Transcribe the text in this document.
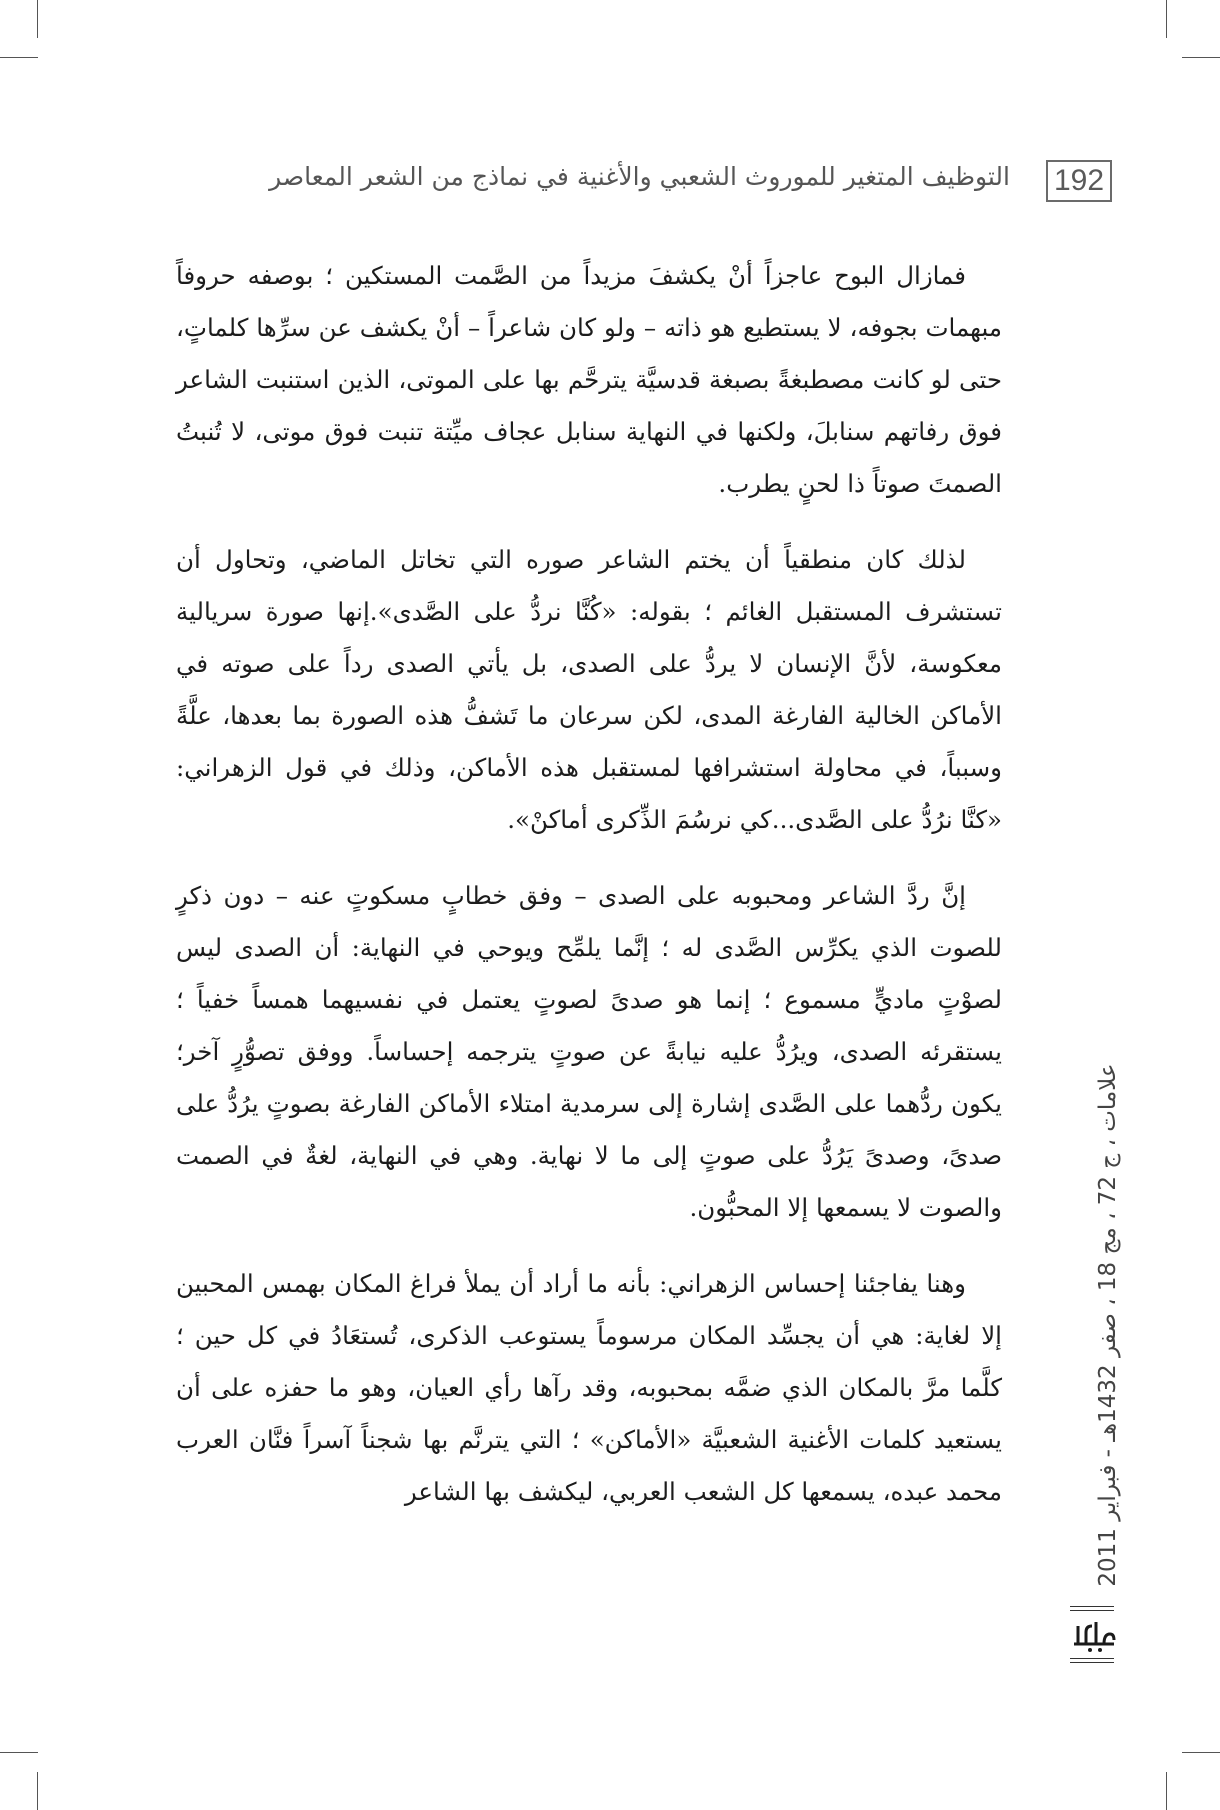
192
التوظيف المتغير للموروث الشعبي والأغنية في نماذج من الشعر المعاصر

فمازال البوح عاجزاً أنْ يكشفَ مزيداً من الصَّمت المستكين ؛ بوصفه حروفاً مبهمات بجوفه، لا يستطيع هو ذاته – ولو كان شاعراً – أنْ يكشف عن سرِّها كلماتٍ، حتى لو كانت مصطبغةً بصبغة قدسيَّة يترحَّم بها على الموتى، الذين استنبت الشاعر فوق رفاتهم سنابلَ، ولكنها في النهاية سنابل عجاف ميِّتة تنبت فوق موتى، لا تُنبتُ الصمتَ صوتاً ذا لحنٍ يطرب.

لذلك كان منطقياً أن يختم الشاعر صوره التي تخاتل الماضي، وتحاول أن تستشرف المستقبل الغائم ؛ بقوله: «كُنَّا نردُّ على الصَّدى».إنها صورة سريالية معكوسة، لأنَّ الإنسان لا يردُّ على الصدى، بل يأتي الصدى رداً على صوته في الأماكن الخالية الفارغة المدى، لكن سرعان ما تَشفُّ هذه الصورة بما بعدها، علَّةً وسبباً، في محاولة استشرافها لمستقبل هذه الأماكن، وذلك في قول الزهراني: «كنَّا نرُدُّ على الصَّدى...كي نرسُمَ الذِّكرى أماكنْ».

إنَّ ردَّ الشاعر ومحبوبه على الصدى – وفق خطابٍ مسكوتٍ عنه – دون ذكرٍ للصوت الذي يكرِّس الصَّدى له ؛ إنَّما يلمِّح ويوحي في النهاية: أن الصدى ليس لصوْتٍ ماديٍّ مسموع ؛ إنما هو صدىً لصوتٍ يعتمل في نفسيهما همساً خفياً ؛ يستقرئه الصدى، ويرُدُّ عليه نيابةً عن صوتٍ يترجمه إحساساً. ووفق تصوُّرٍ آخر؛ يكون ردُّهما على الصَّدى إشارة إلى سرمدية امتلاء الأماكن الفارغة بصوتٍ يرُدُّ على صدىً، وصدىً يَرُدُّ على صوتٍ إلى ما لا نهاية. وهي في النهاية، لغةٌ في الصمت والصوت لا يسمعها إلا المحبُّون.

وهنا يفاجئنا إحساس الزهراني: بأنه ما أراد أن يملأ فراغ المكان بهمس المحبين إلا لغاية: هي أن يجسِّد المكان مرسوماً يستوعب الذكرى، تُستعَادُ في كل حين ؛ كلَّما مرَّ بالمكان الذي ضمَّه بمحبوبه، وقد رآها رأي العيان، وهو ما حفزه على أن يستعيد كلمات الأغنية الشعبيَّة «الأماكن» ؛ التي يترنَّم بها شجناً آسراً فنَّان العرب محمد عبده، يسمعها كل الشعب العربي، ليكشف بها الشاعر

علامات ، ج 72 ، مج 18 ، صفر 1432هـ - فبراير 2011
